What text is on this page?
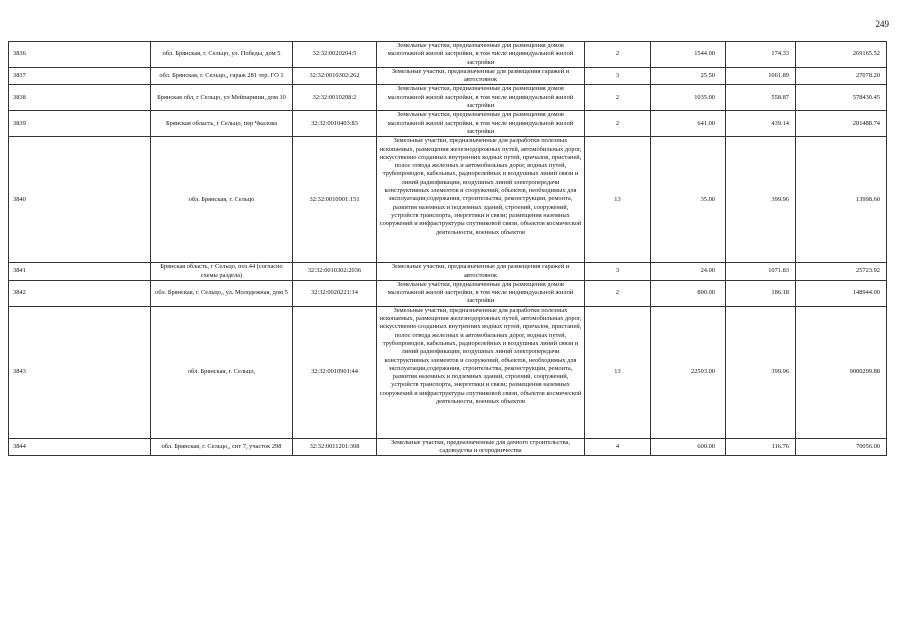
249
3836	обл. Брянская, г. Сельцо, ул. Победы, дом 5	32:32:0020204:5	Земельные участки, предназначенные для размещения домов малоэтажной жилой застройки, в том числе индивидуальной жилой застройки	2	1544.00	174.33	269165.52
3837	обл. Брянская, г. Сельцо,, гараж 281 тер. ГО 1	32:32:0010302:262	Земельные участки, предназначенные для размещения гаражей и автостоянок	3	25.50	1061.89	27078.20
3838	Брянская обл, г Сельцо, ул Мейпариши, дом 10	32:32:0010208:2	Земельные участки, предназначенные для размещения домов малоэтажной жилой застройки, в том числе индивидуальной жилой застройки	2	1035.00	558.87	578430.45
3839	Брянская область, г Сельцо, пер Чкалова	32:32:0010403:83	Земельные участки, предназначенные для размещения домов малоэтажной жилой застройки, в том числе индивидуальной жилой застройки	2	641.00	439.14	281488.74
3840	обл. Брянская, г. Сельцо	32:32:0010901:151	Земельные участки, предназначенные для разработки полезных ископаемых, размещения железнодорожных путей, автомобильных дорог, искусственно созданных внутренних водных путей, причалов, пристаней, полос отвода железных и автомобильных дорог, водных путей, трубопроводов, кабельных, радиорелейных и воздушных линий связи и линий радиофикации, воздушных линий электропередачи конструктивных элементов и сооружений, объектов, необходимых для эксплуатации,содержания, строительства, реконструкции, ремонта, развития наземных и подземных зданий, строений, сооружений, устройств транспорта, энергетики и связи; размещения наземных сооружений и инфраструктуры спутниковой связи, объектов космической деятельности, военных объектов	13	35.00	399.96	13998.60
3841	Брянская область, г Сельцо, поз.44 (согласно схемы раздела)	32:32:0010302:2036	Земельные участки, предназначенные для размещения гаражей и автостоянок	3	24.00	1071.83	25723.92
3842	обл. Брянская, г. Сельцо,, ул. Молодежная, дом 5	32:32:0020221:14	Земельные участки, предназначенные для размещения домов малоэтажной жилой застройки, в том числе индивидуальной жилой застройки	2	800.00	186.18	148944.00
3843	обл. Брянская, г. Сельцо,	32:32:0010901:44	Земельные участки, предназначенные для разработки полезных ископаемых, размещения железнодорожных путей, автомобильных дорог, искусственно созданных внутренних водных путей, причалов, пристаней, полос отвода железных и автомобильных дорог, водных путей, трубопроводов, кабельных, радиорелейных и воздушных линий связи и линий радиофикации, воздушных линий электропередачи конструктивных элементов и сооружений, объектов, необходимых для эксплуатации,содержания, строительства, реконструкции, ремонта, развития наземных и подземных зданий, строений, сооружений, устройств транспорта, энергетики и связи; размещения наземных сооружений и инфраструктуры спутниковой связи, объектов космической деятельности, военных объектов	13	22503.00	399.96	9000299.88
3844	обл. Брянская, г. Сельцо,, снт 7, участок 298	32:32:0011201:308	Земельные участки, предназначенные для дачного строительства, садоводства и огородничества	4	600.00	116.76	70056.00
